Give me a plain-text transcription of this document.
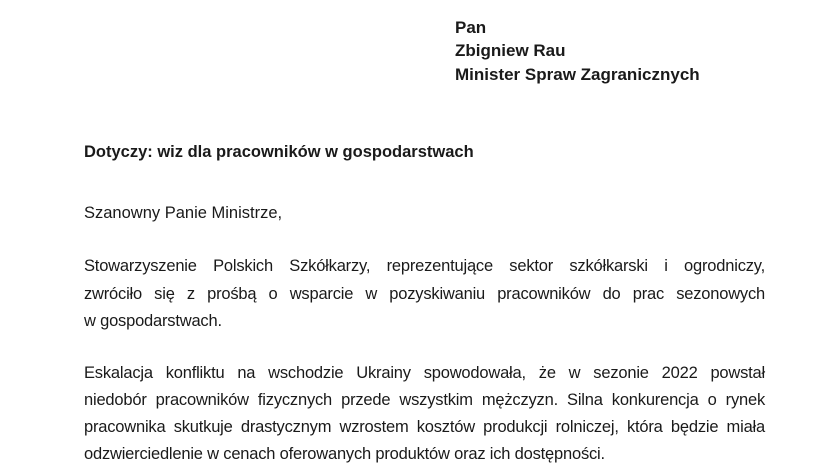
Pan
Zbigniew Rau
Minister Spraw Zagranicznych
Dotyczy: wiz dla pracowników w gospodarstwach
Szanowny Panie Ministrze,
Stowarzyszenie Polskich Szkółkarzy, reprezentujące sektor szkółkarski i ogrodniczy,
zwróciło się z prośbą o wsparcie w pozyskiwaniu pracowników do prac sezonowych
w gospodarstwach.
Eskalacja konfliktu na wschodzie Ukrainy spowodowała, że w sezonie 2022 powstał
niedobór pracowników fizycznych przede wszystkim mężczyzn. Silna konkurencja o rynek
pracownika skutkuje drastycznym wzrostem kosztów produkcji rolniczej, która będzie miała
odzwierciedlenie w cenach oferowanych produktów oraz ich dostępności.
